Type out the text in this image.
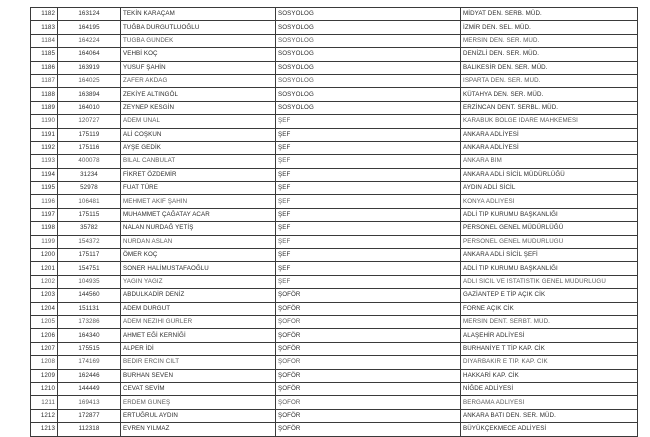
1182	163124	TEKİN KARAÇAM	SOSYOLOG	MİDYAT DEN. SERB. MÜD.
1183	164195	TUĞBA DURGUTLUOĞLU	SOSYOLOG	İZMİR DEN. SEL. MÜD.
1184	164224	TUĞBA GÜNDEK	SOSYOLOG	MERSİN DEN. SER. MÜD.
1185	164064	VEHBİ KOÇ	SOSYOLOG	DENİZLİ DEN. SER. MÜD.
1186	163919	YUSUF ŞAHİN	SOSYOLOG	BALIKESİR DEN. SER. MÜD.
1187	164025	ZAFER AKDAĞ	SOSYOLOG	ISPARTA DEN. SER. MÜD.
1188	163894	ZEKİYE ALTINGÖL	SOSYOLOG	KÜTAHYA DEN. SER. MÜD.
1189	164010	ZEYNEP KESGİN	SOSYOLOG	ERZİNCAN DENT. SERBL. MÜD.
1190	120727	ADEM ÜNAL	ŞEF	KARABÜK BÖLGE İDARE MAHKEMESİ
1191	175119	ALİ COŞKUN	ŞEF	ANKARA ADLİYESİ
1192	175116	AYŞE GEDİK	ŞEF	ANKARA ADLİYESİ
1193	400078	BİLAL CANBULAT	ŞEF	ANKARA BİM
1194	31234	FİKRET ÖZDEMİR	ŞEF	ANKARA ADLİ SİCİL MÜDÜRLÜĞÜ
1195	52978	FUAT TÜRE	ŞEF	AYDIN ADLİ SİCİL
1196	106481	MEHMET AKİF ŞAHİN	ŞEF	KONYA ADLİYESİ
1197	175115	MUHAMMET ÇAĞATAY ACAR	ŞEF	ADLİ TIP KURUMU BAŞKANLIĞI
1198	35782	NALAN NURDAĞ YETİŞ	ŞEF	PERSONEL GENEL MÜDÜRLÜĞÜ
1199	154372	NURDAN ASLAN	ŞEF	PERSONEL GENEL MÜDÜRLÜĞÜ
1200	175117	ÖMER KOÇ	ŞEF	ANKARA ADLİ SİCİL ŞEFİ
1201	154751	SONER HALİMUSTAFAOĞLU	ŞEF	ADLİ TIP KURUMU BAŞKANLIĞI
1202	104935	YAĞIN YAĞIZ	ŞEF	ADLİ SİCİL VE İSTATİSTİK GENEL MÜDÜRLÜĞÜ
1203	144560	ABDULKADİR DENİZ	ŞOFÖR	GAZİANTEP E TİP AÇIK CİK
1204	151131	ADEM DURGUT	ŞOFÖR	FORNE AÇIK CİK
1205	173286	ADEM NEZİHİ GÜRLER	ŞOFÖR	MERSİN DENT. SERBT. MÜD.
1206	164340	AHMET EĞİ KERNİĞİ	ŞOFÖR	ALAŞEHİR ADLİYESİ
1207	175515	ALPER İDİ	ŞOFÖR	BURHANİYE T TİP KAP. CİK
1208	174169	BEDİR ERCİN CİLT	ŞOFÖR	DİYARBAKIR E TİP. KAP. CİK
1209	162446	BURHAN SEVEN	ŞOFÖR	HAKKARİ KAP. CİK
1210	144449	CEVAT SEVİM	ŞOFÖR	NİĞDE ADLİYESİ
1211	169413	ERDEM GÜNEŞ	ŞOFÖR	BERGAMA ADLİYESİ
1212	172877	ERTUĞRUL AYDIN	ŞOFÖR	ANKARA BATI DEN. SER. MÜD.
1213	112318	EVREN YILMAZ	ŞOFÖR	BÜYÜKÇEKMECE ADLİYESİ
